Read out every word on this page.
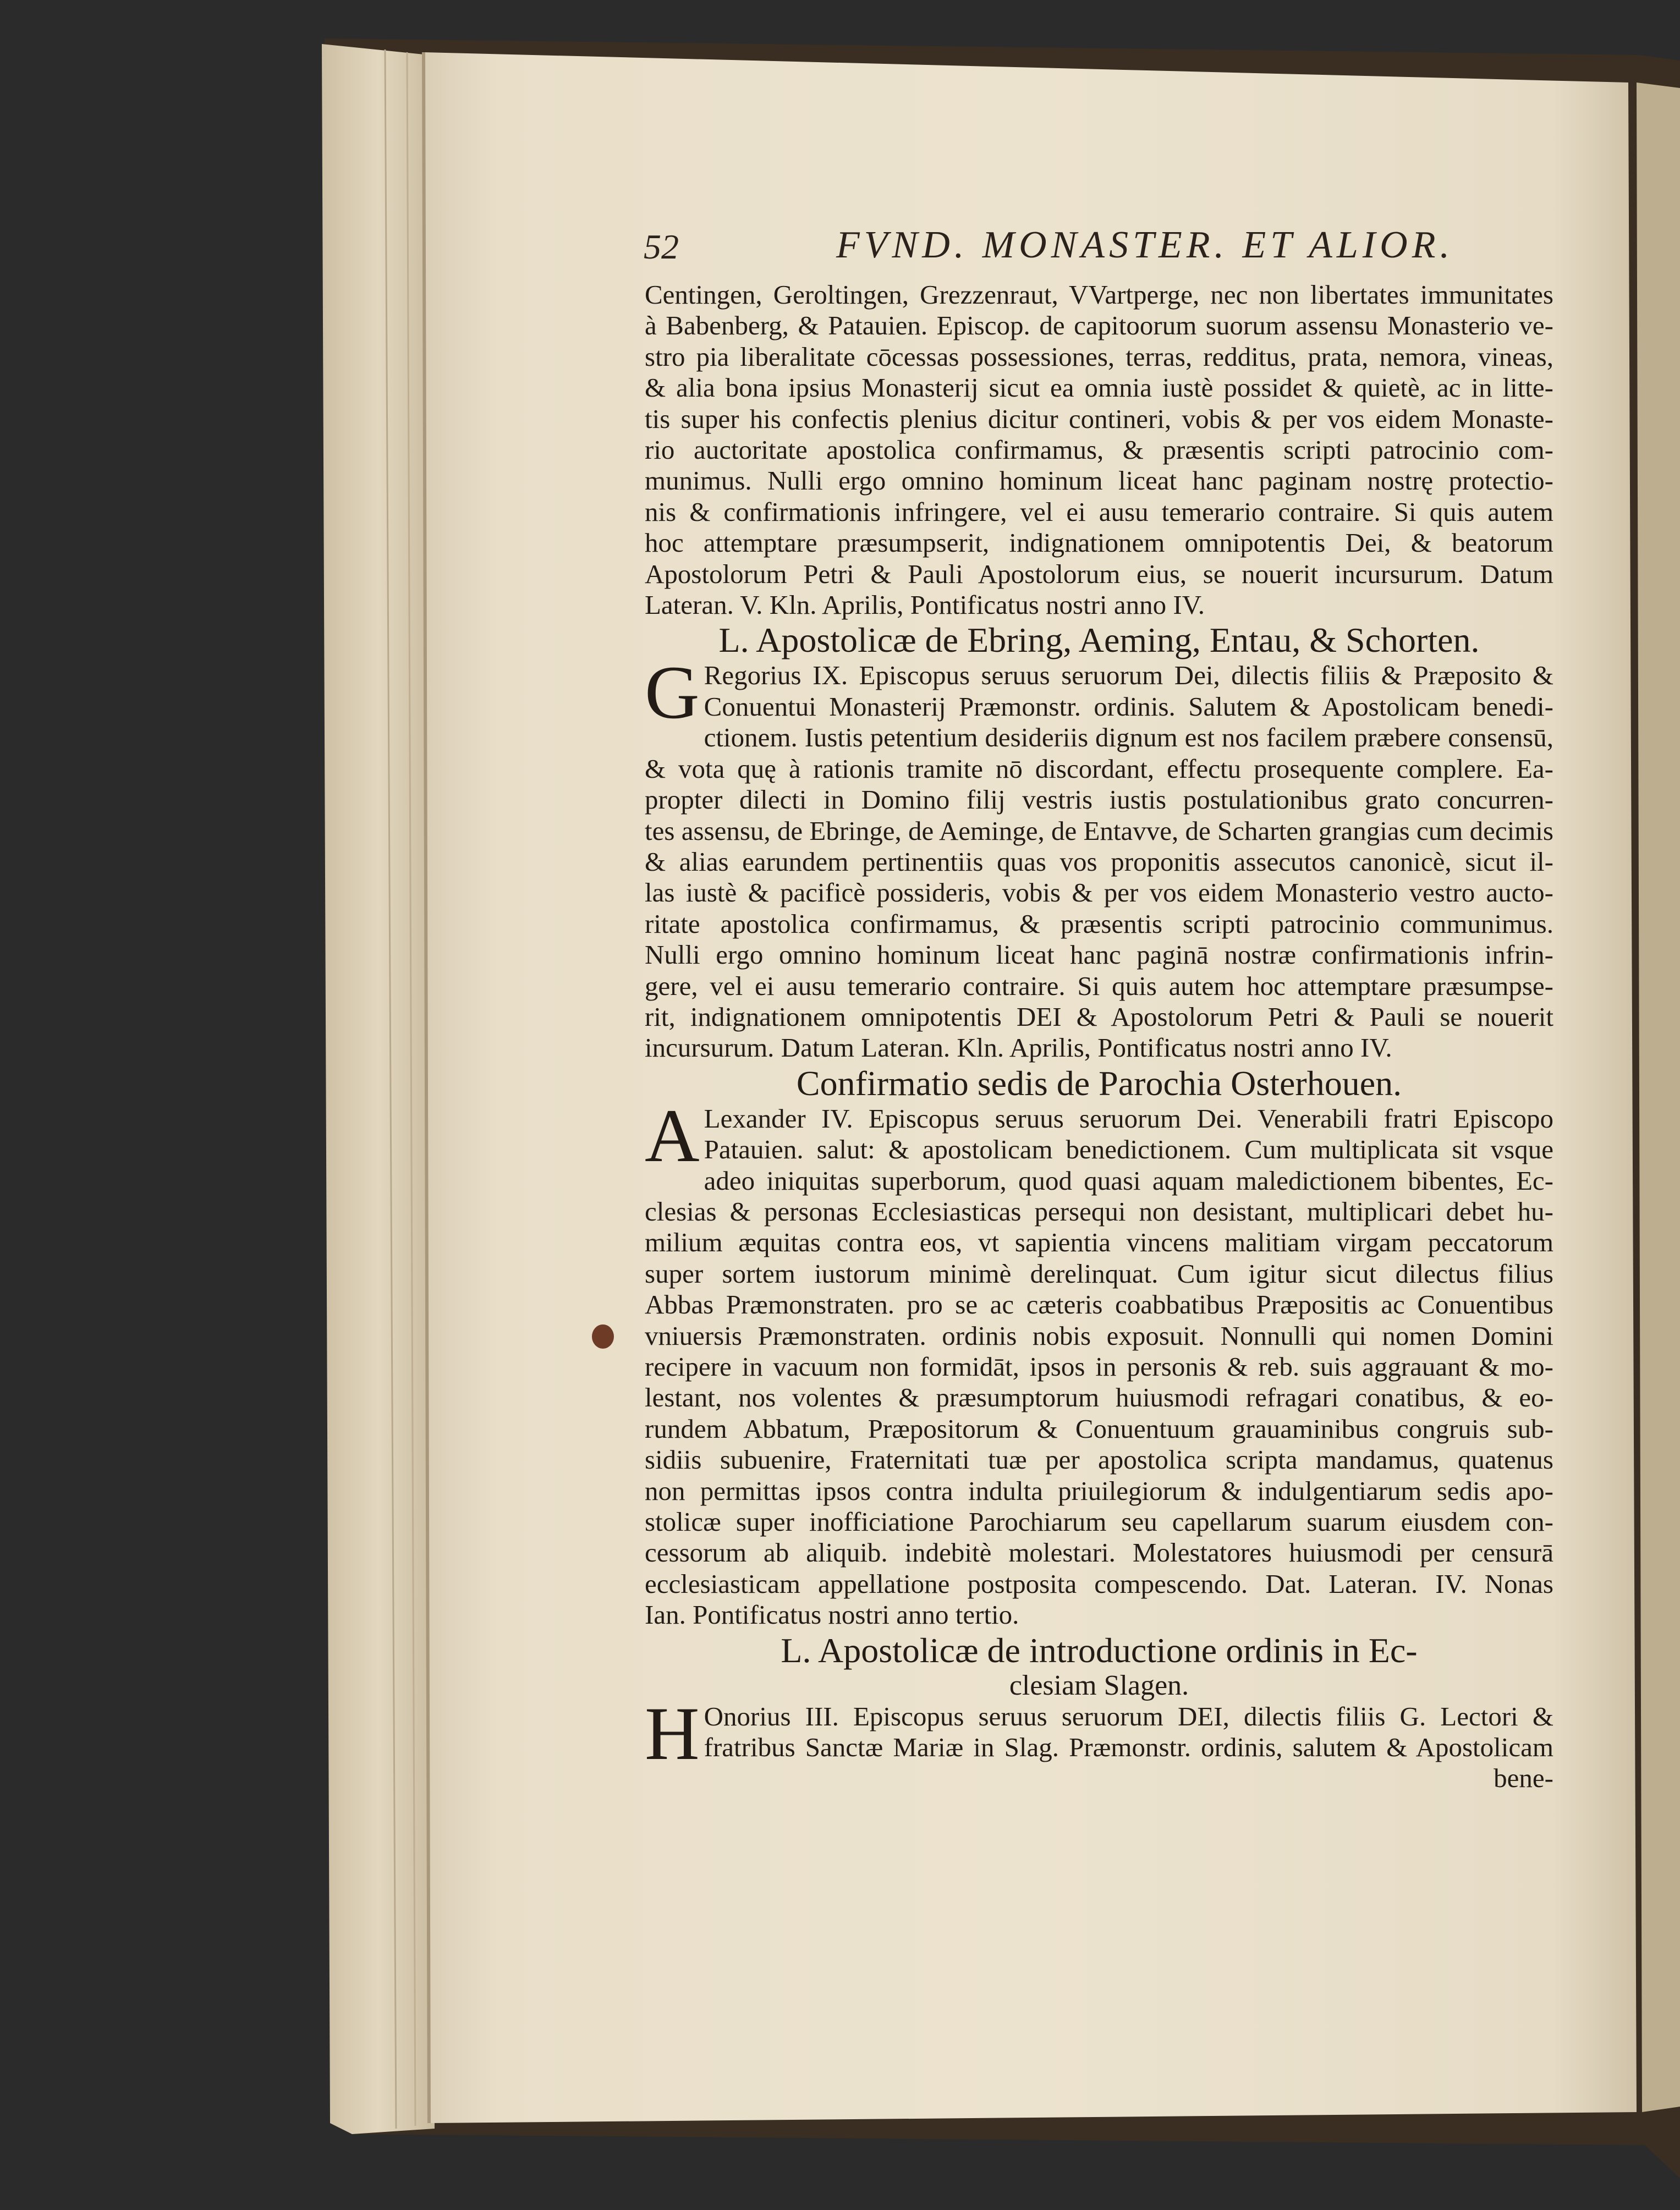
52	FVND. MONASTER. ET ALIOR.

Centingen, Geroltingen, Grezzenraut, VVartperge, nec non libertates immunitates

à Babenberg, & Patauien. Episcop. de capitoorum suorum assensu Monasterio ve-

stro pia liberalitate cōcessas possessiones, terras, redditus, prata, nemora, vineas,

& alia bona ipsius Monasterij sicut ea omnia iustè possidet & quietè, ac in litte-

tis super his confectis plenius dicitur contineri, vobis & per vos eidem Monaste-

rio auctoritate apostolica confirmamus, & præsentis scripti patrocinio com-

munimus. Nulli ergo omnino hominum liceat hanc paginam nostrę protectio-

nis & confirmationis infringere, vel ei ausu temerario contraire. Si quis autem

hoc attemptare præsumpserit, indignationem omnipotentis Dei, & beatorum

Apostolorum Petri & Pauli Apostolorum eius, se nouerit incursurum. Datum

Lateran. V. Kln. Aprilis, Pontificatus nostri anno IV.

L. Apostolicæ de Ebring, Aeming, Entau, & Schorten.

G Regorius IX. Episcopus seruus seruorum Dei, dilectis filiis & Præposito &

Conuentui Monasterij Præmonstr. ordinis. Salutem & Apostolicam benedi-

ctionem. Iustis petentium desideriis dignum est nos facilem præbere consensū,

& vota quę à rationis tramite nō discordant, effectu prosequente complere. Ea-

propter dilecti in Domino filij vestris iustis postulationibus grato concurren-

tes assensu, de Ebringe, de Aeminge, de Entavve, de Scharten grangias cum decimis

& alias earundem pertinentiis quas vos proponitis assecutos canonicè, sicut il-

las iustè & pacificè possideris, vobis & per vos eidem Monasterio vestro aucto-

ritate apostolica confirmamus, & præsentis scripti patrocinio communimus.

Nulli ergo omnino hominum liceat hanc paginā nostræ confirmationis infrin-

gere, vel ei ausu temerario contraire. Si quis autem hoc attemptare præsumpse-

rit, indignationem omnipotentis DEI & Apostolorum Petri & Pauli se nouerit

incursurum. Datum Lateran. Kln. Aprilis, Pontificatus nostri anno IV.

Confirmatio sedis de Parochia Osterhouen.

A Lexander IV. Episcopus seruus seruorum Dei. Venerabili fratri Episcopo

Patauien. salut: & apostolicam benedictionem. Cum multiplicata sit vsque

adeo iniquitas superborum, quod quasi aquam maledictionem bibentes, Ec-

clesias & personas Ecclesiasticas persequi non desistant, multiplicari debet hu-

milium æquitas contra eos, vt sapientia vincens malitiam virgam peccatorum

super sortem iustorum minimè derelinquat. Cum igitur sicut dilectus filius

Abbas Præmonstraten. pro se ac cæteris coabbatibus Præpositis ac Conuentibus

vniuersis Præmonstraten. ordinis nobis exposuit. Nonnulli qui nomen Domini

recipere in vacuum non formidāt, ipsos in personis & reb. suis aggrauant & mo-

lestant, nos volentes & præsumptorum huiusmodi refragari conatibus, & eo-

rundem Abbatum, Præpositorum & Conuentuum grauaminibus congruis sub-

sidiis subuenire, Fraternitati tuæ per apostolica scripta mandamus, quatenus

non permittas ipsos contra indulta priuilegiorum & indulgentiarum sedis apo-

stolicæ super inofficiatione Parochiarum seu capellarum suarum eiusdem con-

cessorum ab aliquib. indebitè molestari. Molestatores huiusmodi per censurā

ecclesiasticam appellatione postposita compescendo. Dat. Lateran. IV. Nonas

Ian. Pontificatus nostri anno tertio.

L. Apostolicæ de introductione ordinis in Ec-

clesiam Slagen.

H Onorius III. Episcopus seruus seruorum DEI, dilectis filiis G. Lectori &

fratribus Sanctæ Mariæ in Slag. Præmonstr. ordinis, salutem & Apostolicam

bene-
